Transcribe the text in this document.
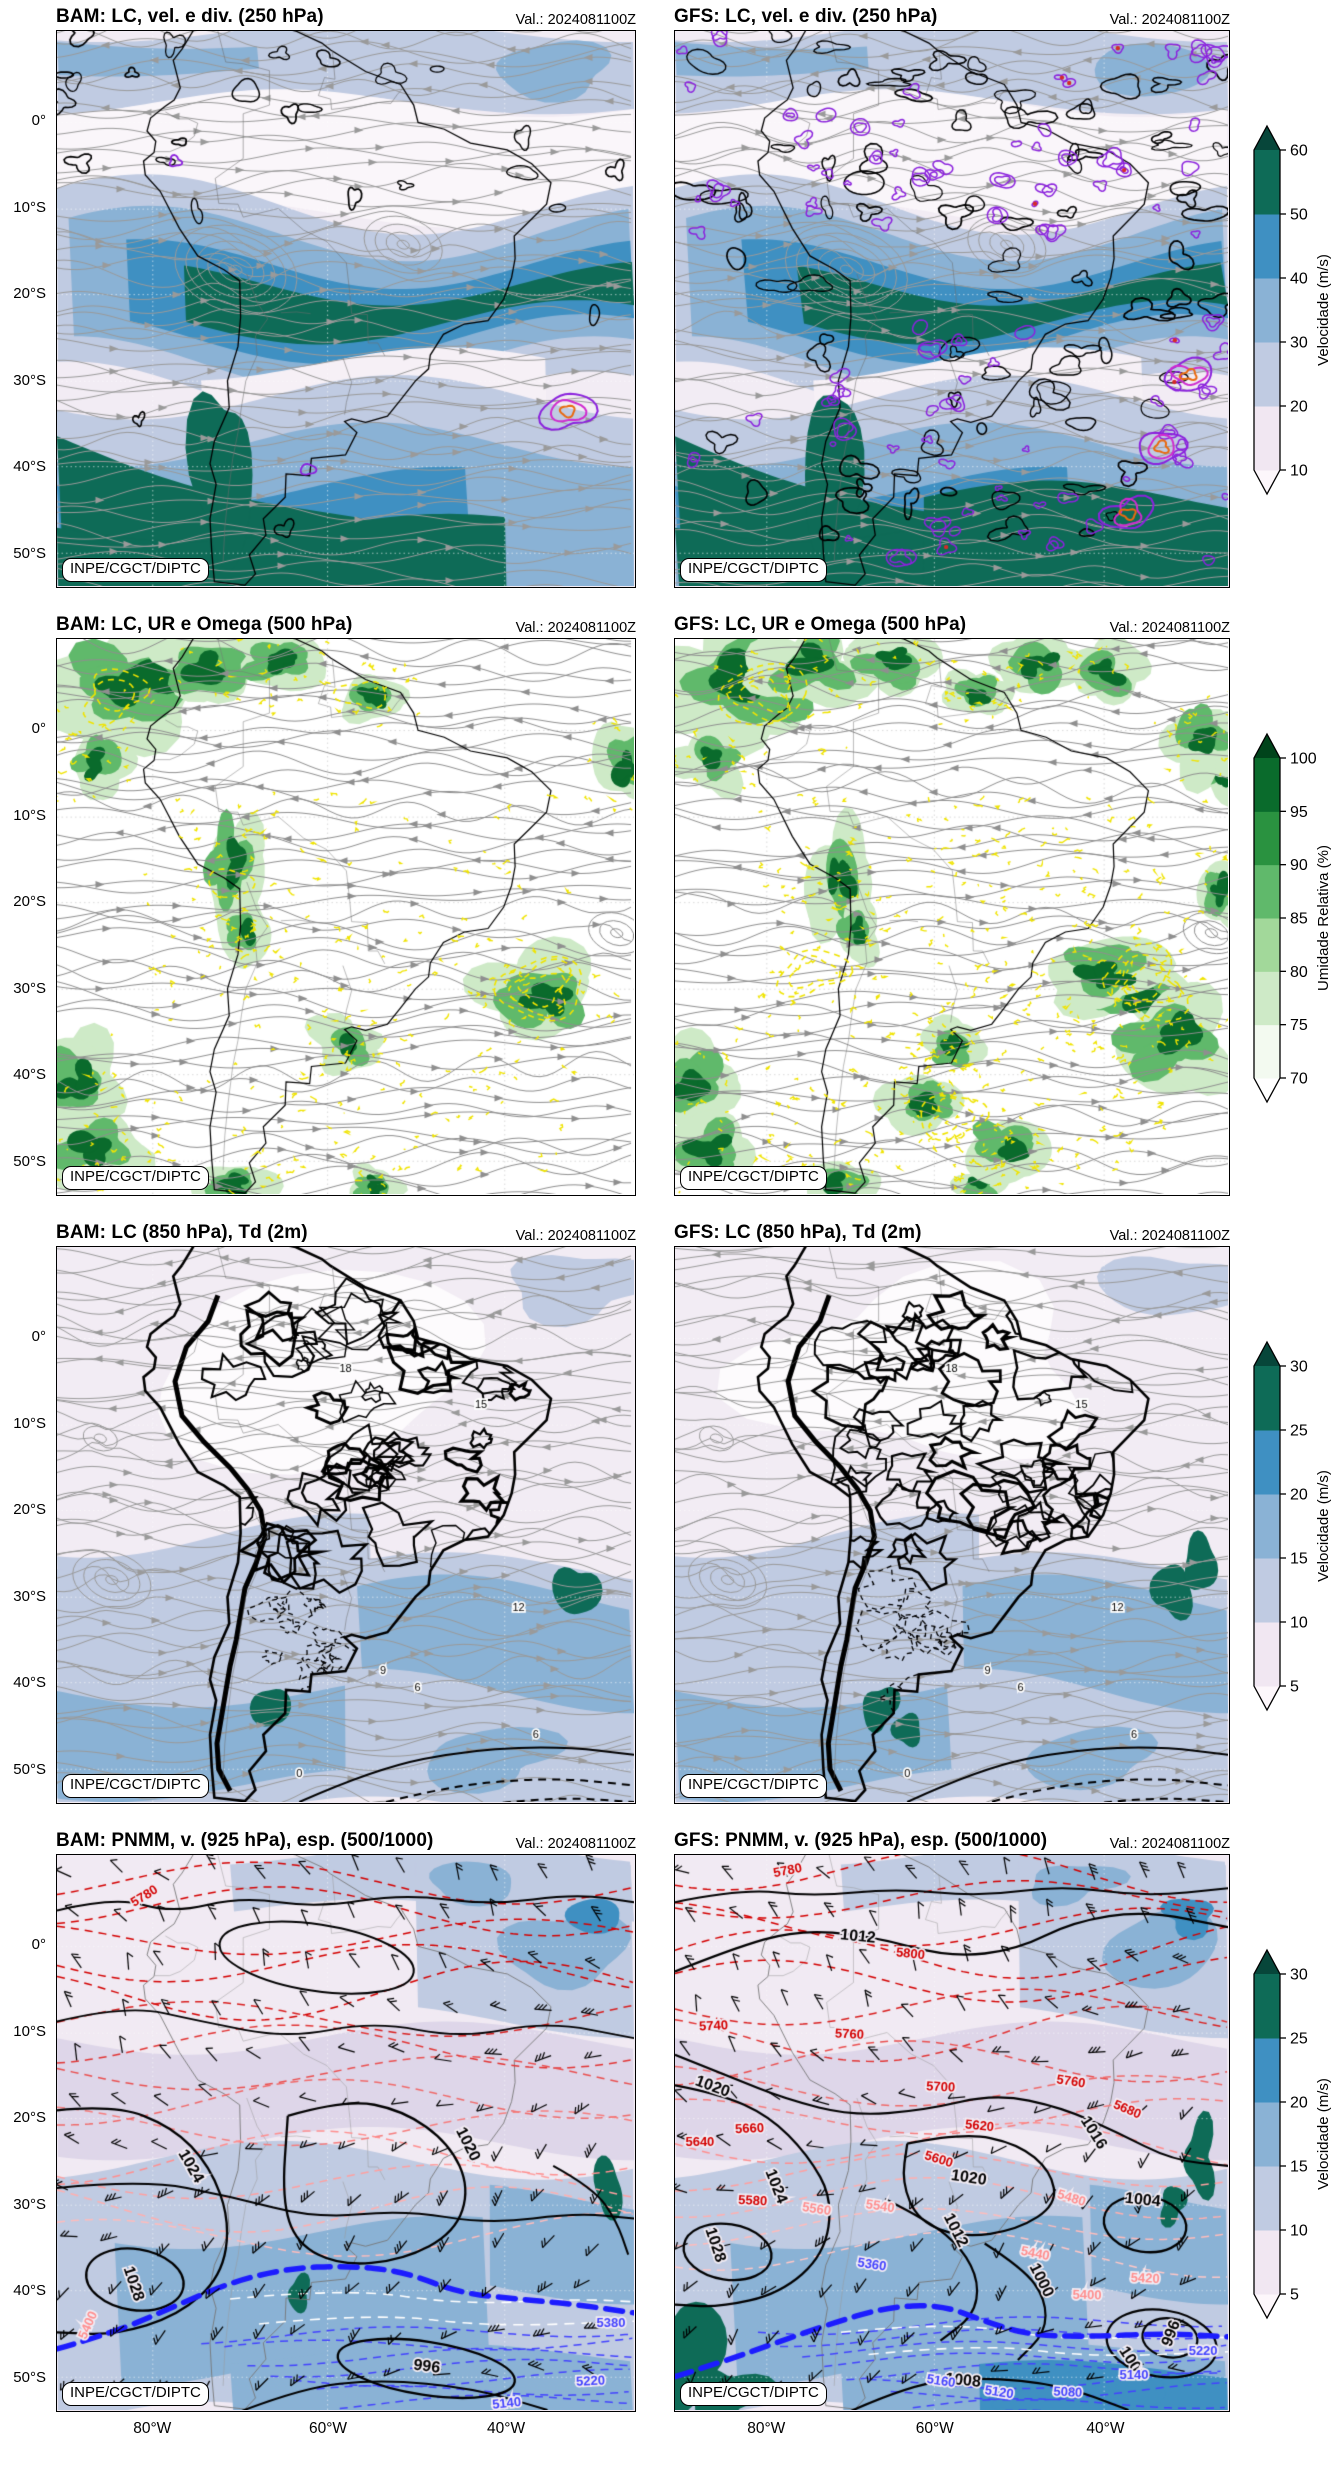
BAM: LC, vel. e div. (250 hPa)	Val.: 2024081100Z GFS: LC, vel. e div. (250 hPa)	Val.: 2024081100Z
0°
10°S
20°S
30°S
40°S
50°S
INPE/CGCT/DIPTC	INPE/CGCT/DIPTC
10
20
30
40
50
60
Velocidade (m/s)
BAM: LC, UR e Omega (500 hPa)	Val.: 2024081100Z GFS: LC, UR e Omega (500 hPa)	Val.: 2024081100Z
0°
10°S
20°S
30°S
40°S
50°S
INPE/CGCT/DIPTC	INPE/CGCT/DIPTC
70
75
80
85
90
95
100
Umidade Relativa (%)
BAM: LC (850 hPa), Td (2m)	Val.: 2024081100Z GFS: LC (850 hPa), Td (2m)	Val.: 2024081100Z
0°
10°S
20°S
30°S
40°S
50°S
INPE/CGCT/DIPTC	INPE/CGCT/DIPTC
5
10
15
20
25
30
Velocidade (m/s)
BAM: PNMM, v. (925 hPa), esp. (500/1000)	Val.: 2024081100Z GFS: PNMM, v. (925 hPa), esp. (500/1000)	Val.: 2024081100Z
0°
10°S
20°S
30°S
40°S
50°S
INPE/CGCT/DIPTC	INPE/CGCT/DIPTC
5
10
15
20
25
30
Velocidade (m/s)
80°W	60°W	40°W	80°W	60°W	40°W
